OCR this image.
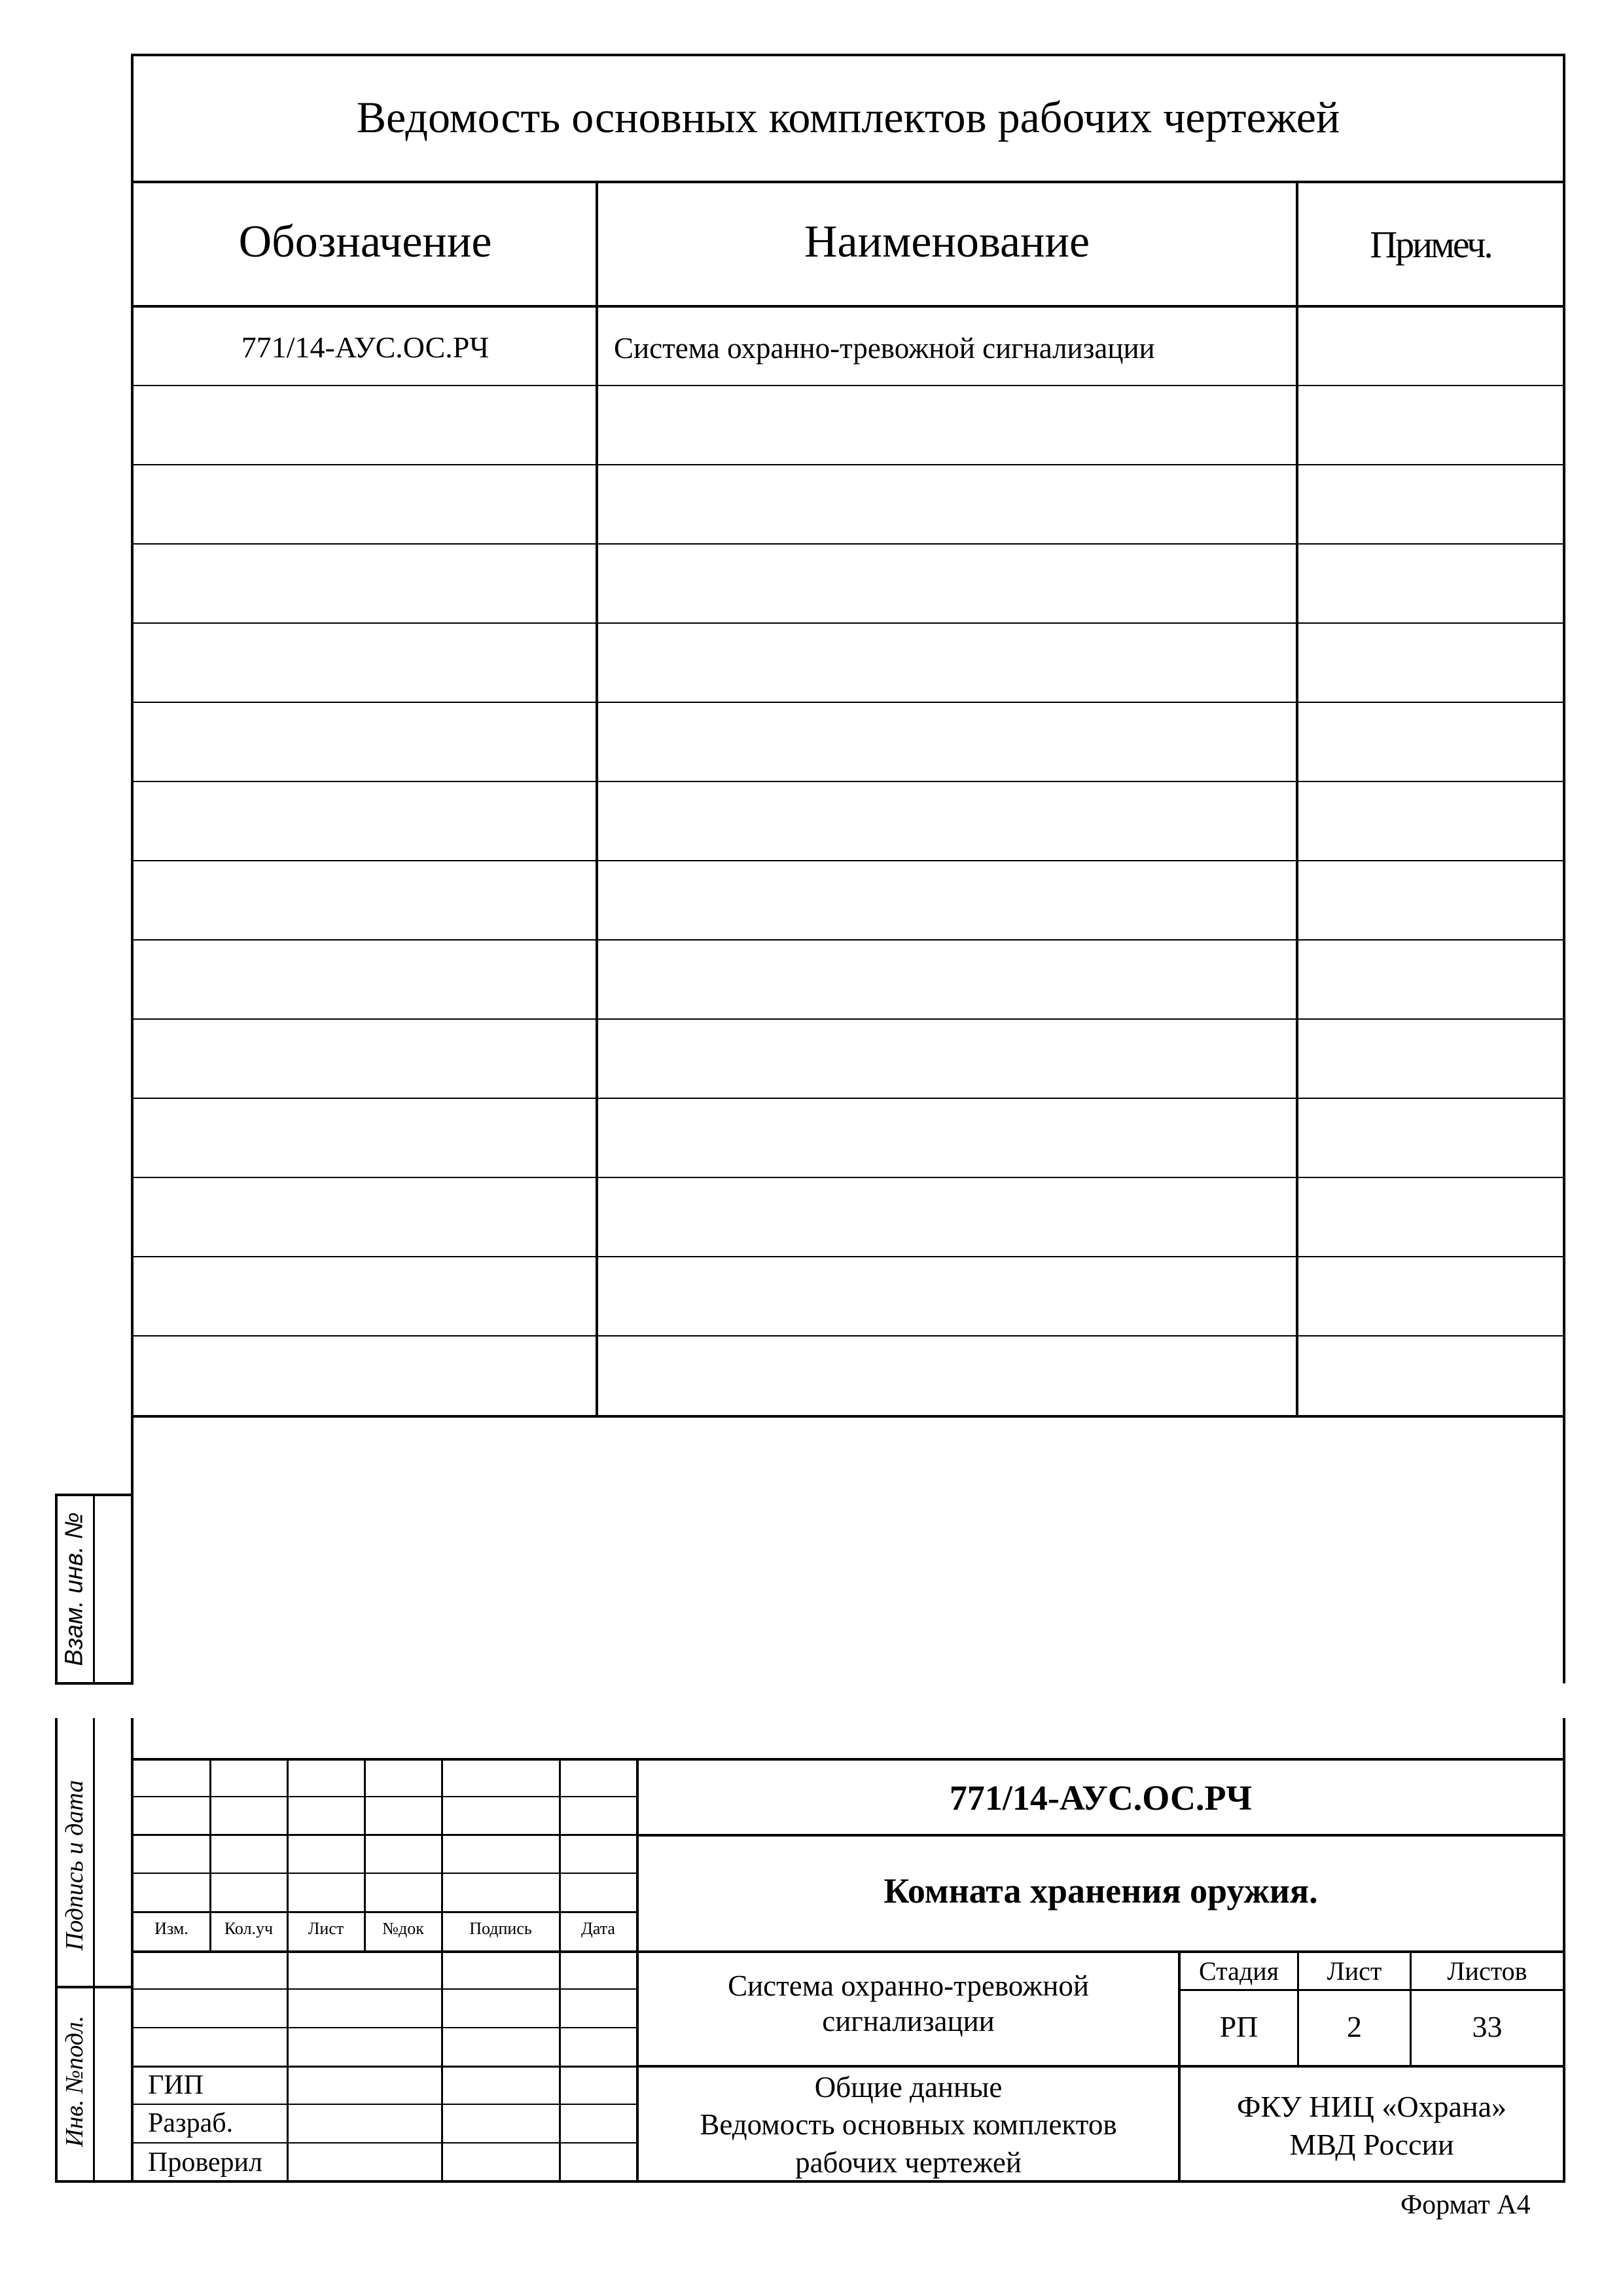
Ведомость основных комплектов рабочих чертежей
Обозначение	Наименование	Примеч.
771/14-АУС.ОС.РЧ	Система охранно-тревожной сигнализации
Взам. инв. №
Подпись и дата
Инв. №подл.
Изм.	Кол.уч	Лист	№док	Подпись	Дата
ГИП
Разраб.
Проверил
771/14-АУС.ОС.РЧ
Комната хранения оружия.
Система охранно-тревожной
сигнализации
Общие данные
Ведомость основных комплектов
рабочих чертежей
Стадия	Лист	Листов
РП	2	33
ФКУ НИЦ «Охрана»
МВД России
Формат А4
